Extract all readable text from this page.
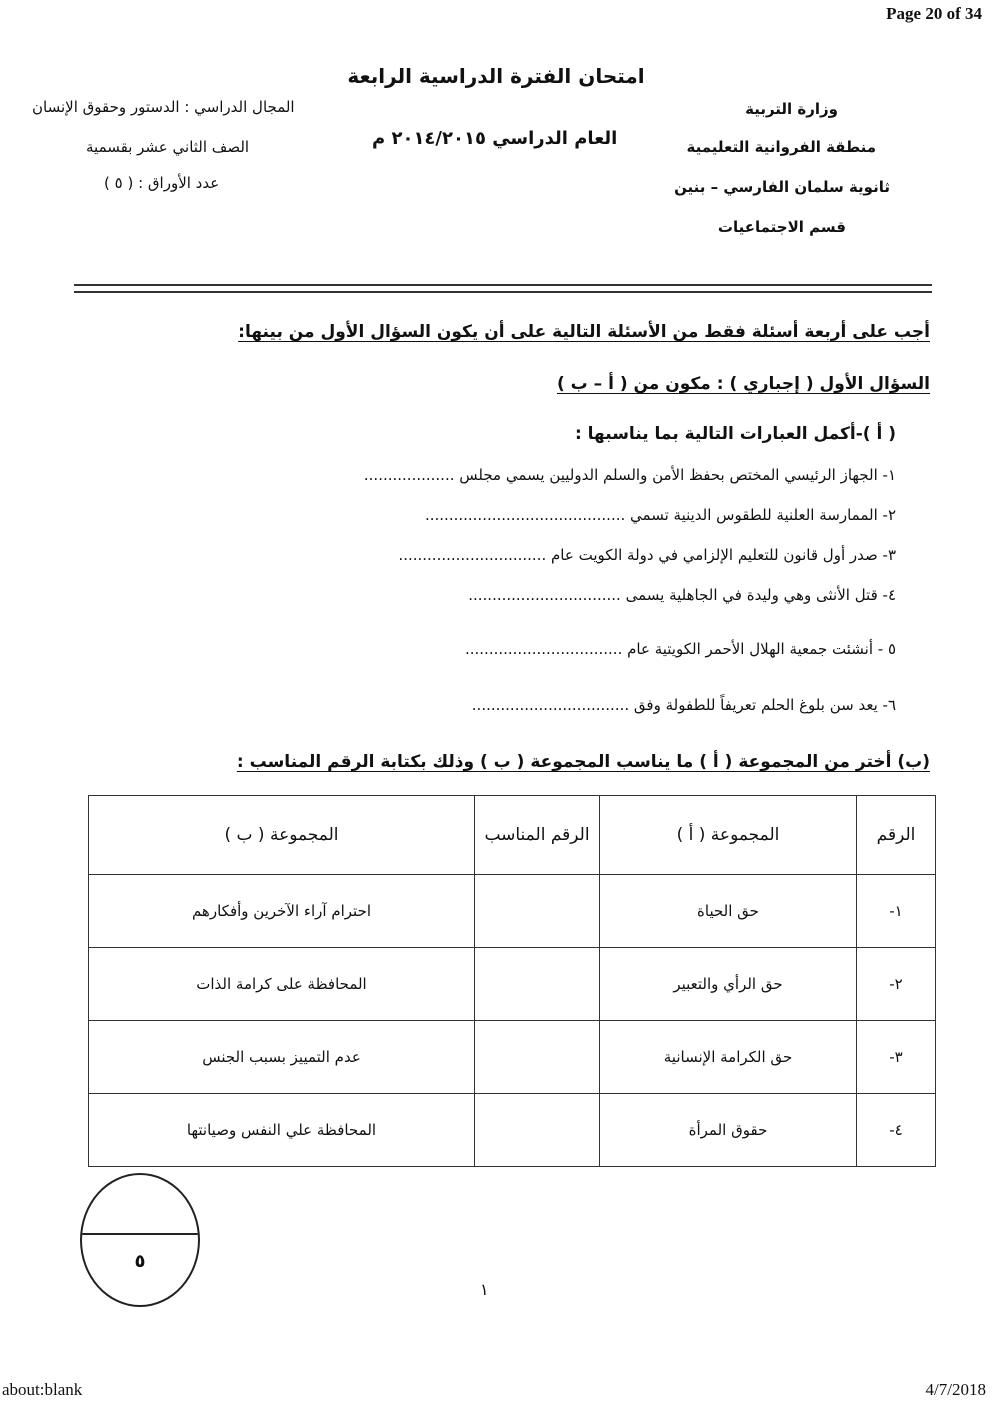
Page 20 of 34
امتحان الفترة الدراسية الرابعة
وزارة التربية
منطقة الفروانية التعليمية
ثانوية سلمان الفارسي – بنين
قسم الاجتماعيات
العام الدراسي ٢٠١٤/٢٠١٥ م
المجال الدراسي : الدستور وحقوق الإنسان
الصف الثاني عشر بقسمية
عدد الأوراق : ( ٥ )
أجب على أربعة أسئلة فقط من الأسئلة التالية على أن يكون السؤال الأول من بينها:
السؤال الأول ( إجباري ) : مكون من ( أ – ب )
( أ )-أكمل العبارات التالية بما يناسبها :
١- الجهاز الرئيسي المختص بحفظ الأمن والسلم الدوليين يسمي مجلس ...................
٢- الممارسة العلنية للطقوس الدينية تسمي ..........................................
٣- صدر أول قانون للتعليم الإلزامي في دولة الكويت عام ...............................
٤- قتل الأنثى وهي وليدة في الجاهلية يسمى ................................
٥ - أنشئت جمعية الهلال الأحمر الكويتية عام .................................
٦- يعد سن بلوغ الحلم تعريفاً للطفولة وفق .................................
(ب) أختر من المجموعة ( أ ) ما يناسب المجموعة ( ب ) وذلك بكتابة الرقم المناسب :
الرقم	المجموعة ( أ )	الرقم المناسب	المجموعة ( ب )
١-	حق الحياة		احترام آراء الآخرين وأفكارهم
٢-	حق الرأي والتعبير		المحافظة على كرامة الذات
٣-	حق الكرامة الإنسانية		عدم التمييز بسبب الجنس
٤-	حقوق المرأة		المحافظة علي النفس وصيانتها
٥
١
about:blank	4/7/2018
